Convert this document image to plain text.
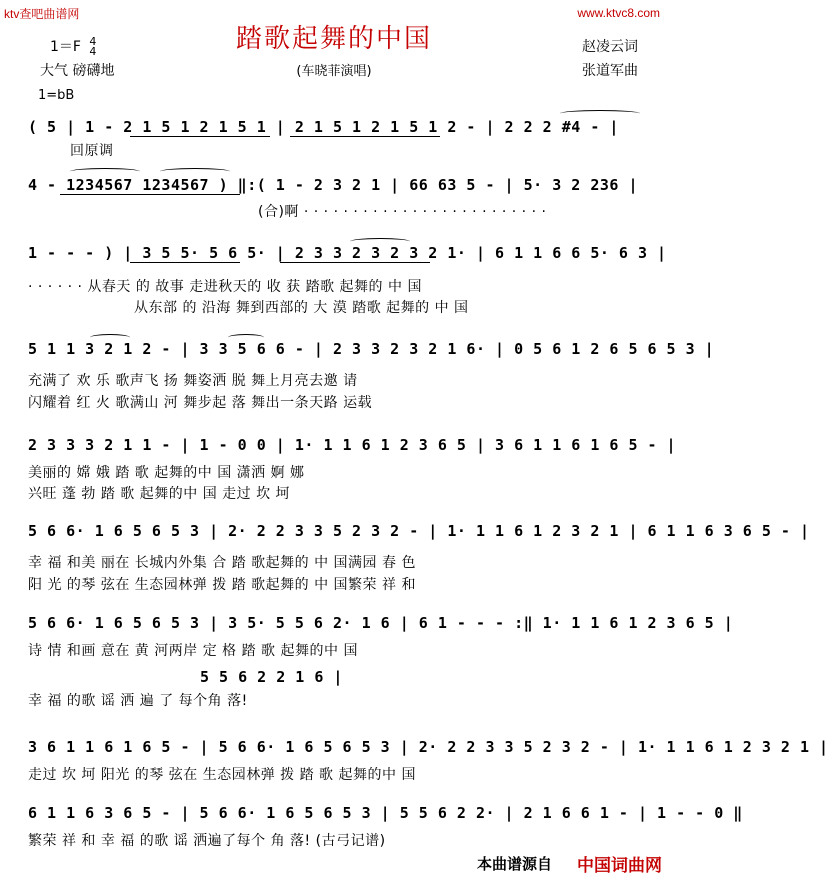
ktv查吧曲谱网	www.ktvc8.com
踏歌起舞的中国
1＝F 4
4
大气 磅礴地	(车晓菲演唱)
赵凌云词
张道军曲
1=bB
( 5 | 1 - 2 1 5 1 2 1 5 1 | 2 1 5 1 2 1 5 1 2 - | 2 2 2 #4 - |
回原调
4 - 1234567 1234567 ) ‖:( 1 - 2 3 2 1 | 66 63 5 - | 5· 3 2 236 |
(合)啊 · · · · · · · · · · · · · · · · · · · · · · · · ·
1 - - - ) | 3 5 5· 5 6 5· | 2 3 3 2 3 2 3 2 1· | 6 1 1 6 6 5· 6 3 |
· · · · · · 从春天 的 故事 走进秋天的 收 获 踏歌 起舞的 中 国
从东部 的 沿海 舞到西部的 大 漠 踏歌 起舞的 中 国
5 1 1 3 2 1 2 - | 3 3 5 6 6 - | 2 3 3 2 3 2 1 6· | 0 5 6 1 2 6 5 6 5 3 |
充满了 欢 乐 歌声飞 扬 舞姿洒 脱 舞上月亮去邀 请
闪耀着 红 火 歌满山 河 舞步起 落 舞出一条天路 运载
2 3 3 3 2 1 1 - | 1 - 0 0 | 1· 1 1 6 1 2 3 6 5 | 3 6 1 1 6 1 6 5 - |
美丽的 嫦 娥 踏 歌 起舞的中 国 潇洒 婀 娜
兴旺 蓬 勃 踏 歌 起舞的中 国 走过 坎 坷
5 6 6· 1 6 5 6 5 3 | 2· 2 2 3 3 5 2 3 2 - | 1· 1 1 6 1 2 3 2 1 | 6 1 1 6 3 6 5 - |
幸 福 和美 丽在 长城内外集 合 踏 歌起舞的 中 国满园 春 色
阳 光 的琴 弦在 生态园林弹 拨 踏 歌起舞的 中 国繁荣 祥 和
5 6 6· 1 6 5 6 5 3 | 3 5· 5 5 6 2· 1 6 | 6 1 - - - :‖ 1· 1 1 6 1 2 3 6 5 |
诗 情 和画 意在 黄 河两岸 定 格 踏 歌 起舞的中 国
5 5 6 2 2 1 6 |
幸 福 的歌 谣 洒 遍 了 每个角 落!
3 6 1 1 6 1 6 5 - | 5 6 6· 1 6 5 6 5 3 | 2· 2 2 3 3 5 2 3 2 - | 1· 1 1 6 1 2 3 2 1 |
走过 坎 坷 阳光 的琴 弦在 生态园林弹 拨 踏 歌 起舞的中 国
6 1 1 6 3 6 5 - | 5 6 6· 1 6 5 6 5 3 | 5 5 6 2 2· | 2 1 6 6 1 - | 1 - - 0 ‖
繁荣 祥 和 幸 福 的歌 谣 洒遍了每个 角 落! (古弓记谱)
本曲谱源自 中国词曲网
